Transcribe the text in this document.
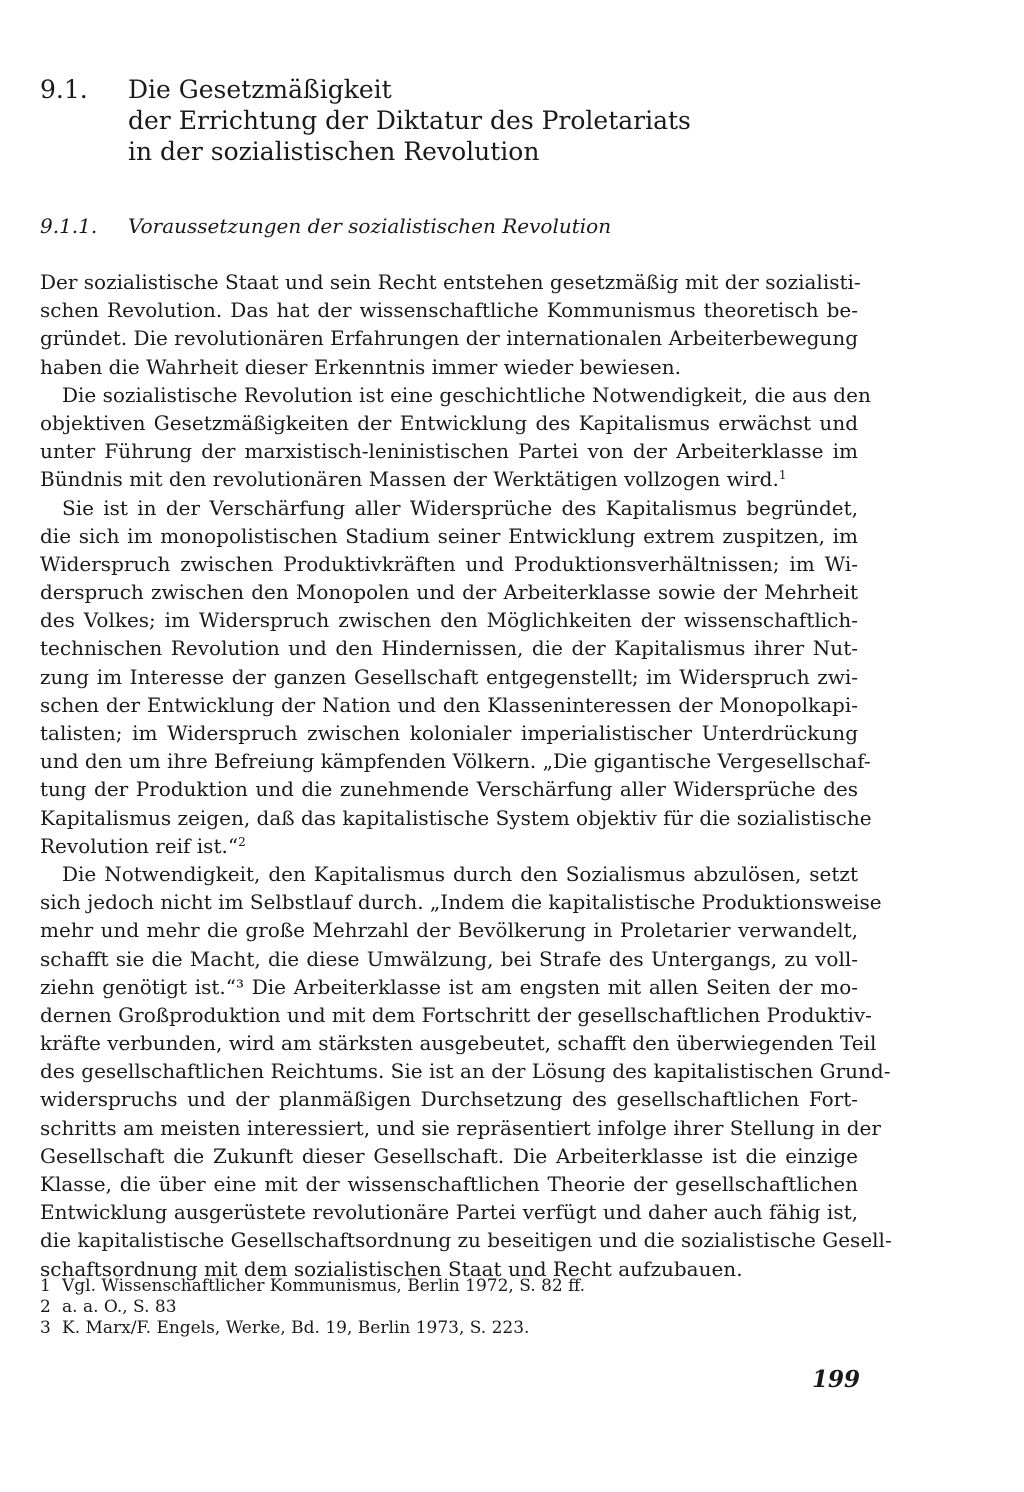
9.1. Die Gesetzmäßigkeit
der Errichtung der Diktatur des Proletariats
in der sozialistischen Revolution
9.1.1. Voraussetzungen der sozialistischen Revolution
Der sozialistische Staat und sein Recht entstehen gesetzmäßig mit der sozialisti-
schen Revolution. Das hat der wissenschaftliche Kommunismus theoretisch be-
gründet. Die revolutionären Erfahrungen der internationalen Arbeiterbewegung
haben die Wahrheit dieser Erkenntnis immer wieder bewiesen.
Die sozialistische Revolution ist eine geschichtliche Notwendigkeit, die aus den
objektiven Gesetzmäßigkeiten der Entwicklung des Kapitalismus erwächst und
unter Führung der marxistisch-leninistischen Partei von der Arbeiterklasse im
Bündnis mit den revolutionären Massen der Werktätigen vollzogen wird.$^1$
Sie ist in der Verschärfung aller Widersprüche des Kapitalismus begründet,
die sich im monopolistischen Stadium seiner Entwicklung extrem zuspitzen, im
Widerspruch zwischen Produktivkräften und Produktionsverhältnissen; im Wi-
derspruch zwischen den Monopolen und der Arbeiterklasse sowie der Mehrheit
des Volkes; im Widerspruch zwischen den Möglichkeiten der wissenschaftlich-
technischen Revolution und den Hindernissen, die der Kapitalismus ihrer Nut-
zung im Interesse der ganzen Gesellschaft entgegenstellt; im Widerspruch zwi-
schen der Entwicklung der Nation und den Klasseninteressen der Monopolkapi-
talisten; im Widerspruch zwischen kolonialer imperialistischer Unterdrückung
und den um ihre Befreiung kämpfenden Völkern. „Die gigantische Vergesellschaf-
tung der Produktion und die zunehmende Verschärfung aller Widersprüche des
Kapitalismus zeigen, daß das kapitalistische System objektiv für die sozialistische
Revolution reif ist.“$^2$
Die Notwendigkeit, den Kapitalismus durch den Sozialismus abzulösen, setzt
sich jedoch nicht im Selbstlauf durch. „Indem die kapitalistische Produktionsweise
mehr und mehr die große Mehrzahl der Bevölkerung in Proletarier verwandelt,
schafft sie die Macht, die diese Umwälzung, bei Strafe des Untergangs, zu voll-
ziehn genötigt ist.“³ Die Arbeiterklasse ist am engsten mit allen Seiten der mo-
dernen Großproduktion und mit dem Fortschritt der gesellschaftlichen Produktiv-
kräfte verbunden, wird am stärksten ausgebeutet, schafft den überwiegenden Teil
des gesellschaftlichen Reichtums. Sie ist an der Lösung des kapitalistischen Grund-
widerspruchs und der planmäßigen Durchsetzung des gesellschaftlichen Fort-
schritts am meisten interessiert, und sie repräsentiert infolge ihrer Stellung in der
Gesellschaft die Zukunft dieser Gesellschaft. Die Arbeiterklasse ist die einzige
Klasse, die über eine mit der wissenschaftlichen Theorie der gesellschaftlichen
Entwicklung ausgerüstete revolutionäre Partei verfügt und daher auch fähig ist,
die kapitalistische Gesellschaftsordnung zu beseitigen und die sozialistische Gesell-
schaftsordnung mit dem sozialistischen Staat und Recht aufzubauen.
1 Vgl. Wissenschaftlicher Kommunismus, Berlin 1972, S. 82 ff.
2 a. a. O., S. 83
3 K. Marx/F. Engels, Werke, Bd. 19, Berlin 1973, S. 223.
199
